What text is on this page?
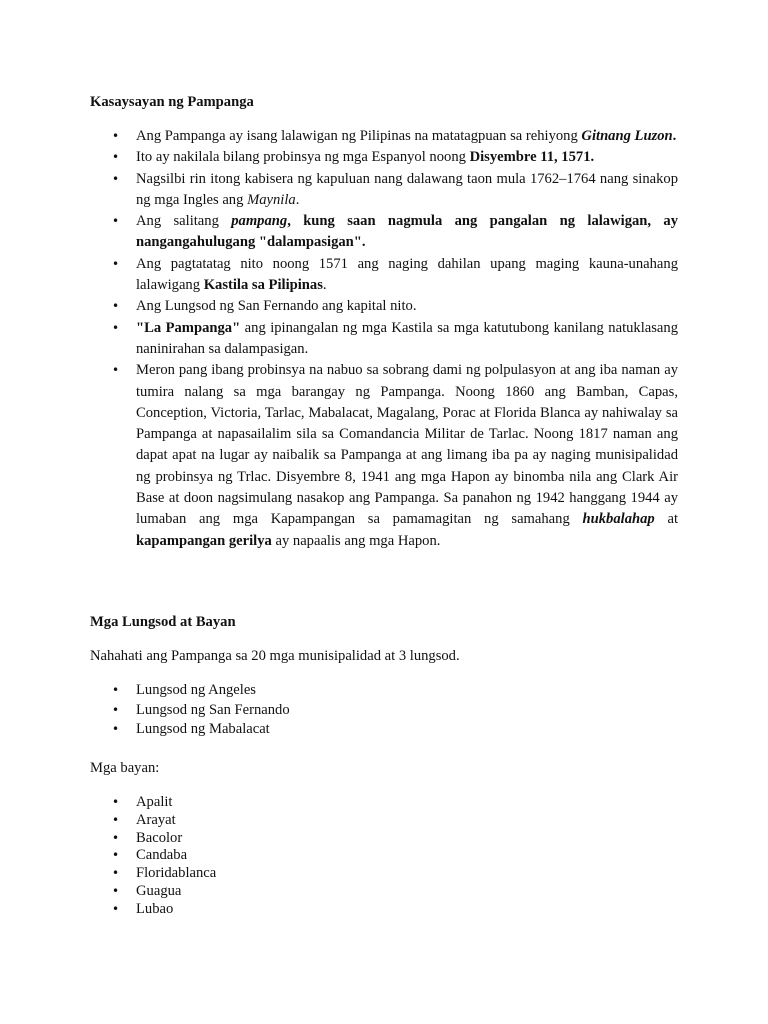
Kasaysayan ng Pampanga
• Ang Pampanga ay isang lalawigan ng Pilipinas na matatagpuan sa rehiyong Gitnang Luzon.
• Ito ay nakilala bilang probinsya ng mga Espanyol noong Disyembre 11, 1571.
• Nagsilbi rin itong kabisera ng kapuluan nang dalawang taon mula 1762–1764 nang sinakop ng mga Ingles ang Maynila.
• Ang salitang pampang, kung saan nagmula ang pangalan ng lalawigan, ay nangangahulugang "dalampasigan".
• Ang pagtatatag nito noong 1571 ang naging dahilan upang maging kauna-unahang lalawigang Kastila sa Pilipinas.
• Ang Lungsod ng San Fernando ang kapital nito.
• "La Pampanga" ang ipinangalan ng mga Kastila sa mga katutubong kanilang natuklasang naninirahan sa dalampasigan.
• Meron pang ibang probinsya na nabuo sa sobrang dami ng polpulasyon at ang iba naman ay tumira nalang sa mga barangay ng Pampanga. Noong 1860 ang Bamban, Capas, Conception, Victoria, Tarlac, Mabalacat, Magalang, Porac at Florida Blanca ay nahiwalay sa Pampanga at napasailalim sila sa Comandancia Militar de Tarlac. Noong 1817 naman ang dapat apat na lugar ay naibalik sa Pampanga at ang limang iba pa ay naging munisipalidad ng probinsya ng Trlac. Disyembre 8, 1941 ang mga Hapon ay binomba nila ang Clark Air Base at doon nagsimulang nasakop ang Pampanga. Sa panahon ng 1942 hanggang 1944 ay lumaban ang mga Kapampangan sa pamamagitan ng samahang hukbalahap at kapampangan gerilya ay napaalis ang mga Hapon.
Mga Lungsod at Bayan

Nahahati ang Pampanga sa 20 mga munisipalidad at 3 lungsod.

• Lungsod ng Angeles
• Lungsod ng San Fernando
• Lungsod ng Mabalacat

Mga bayan:

• Apalit
• Arayat
• Bacolor
• Candaba
• Floridablanca
• Guagua
• Lubao
